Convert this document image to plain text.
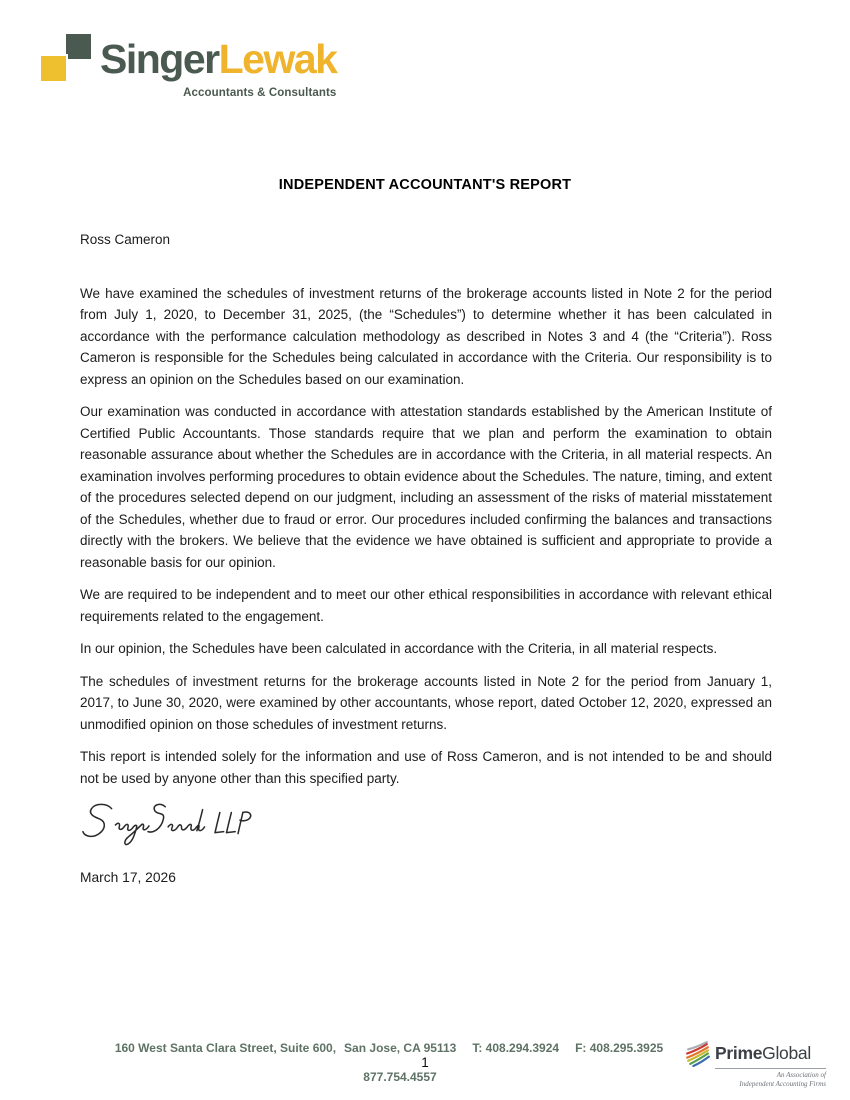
SingerLewak
Accountants & Consultants
INDEPENDENT ACCOUNTANT'S REPORT
Ross Cameron

We have examined the schedules of investment returns of the brokerage accounts listed in Note 2 for the period from July 1, 2020, to December 31, 2025, (the “Schedules”) to determine whether it has been calculated in accordance with the performance calculation methodology as described in Notes 3 and 4 (the “Criteria”). Ross Cameron is responsible for the Schedules being calculated in accordance with the Criteria. Our responsibility is to express an opinion on the Schedules based on our examination.

Our examination was conducted in accordance with attestation standards established by the American Institute of Certified Public Accountants. Those standards require that we plan and perform the examination to obtain reasonable assurance about whether the Schedules are in accordance with the Criteria, in all material respects. An examination involves performing procedures to obtain evidence about the Schedules. The nature, timing, and extent of the procedures selected depend on our judgment, including an assessment of the risks of material misstatement of the Schedules, whether due to fraud or error. Our procedures included confirming the balances and transactions directly with the brokers. We believe that the evidence we have obtained is sufficient and appropriate to provide a reasonable basis for our opinion.

We are required to be independent and to meet our other ethical responsibilities in accordance with relevant ethical requirements related to the engagement.

In our opinion, the Schedules have been calculated in accordance with the Criteria, in all material respects.

The schedules of investment returns for the brokerage accounts listed in Note 2 for the period from January 1, 2017, to June 30, 2020, were examined by other accountants, whose report, dated October 12, 2020, expressed an unmodified opinion on those schedules of investment returns.

This report is intended solely for the information and use of Ross Cameron, and is not intended to be and should not be used by anyone other than this specified party.

March 17, 2026
160 West Santa Clara Street, Suite 600, San Jose, CA 95113 T: 408.294.3924 F: 408.295.3925
1
877.754.4557
PrimeGlobal
An Association of
Independent Accounting Firms
